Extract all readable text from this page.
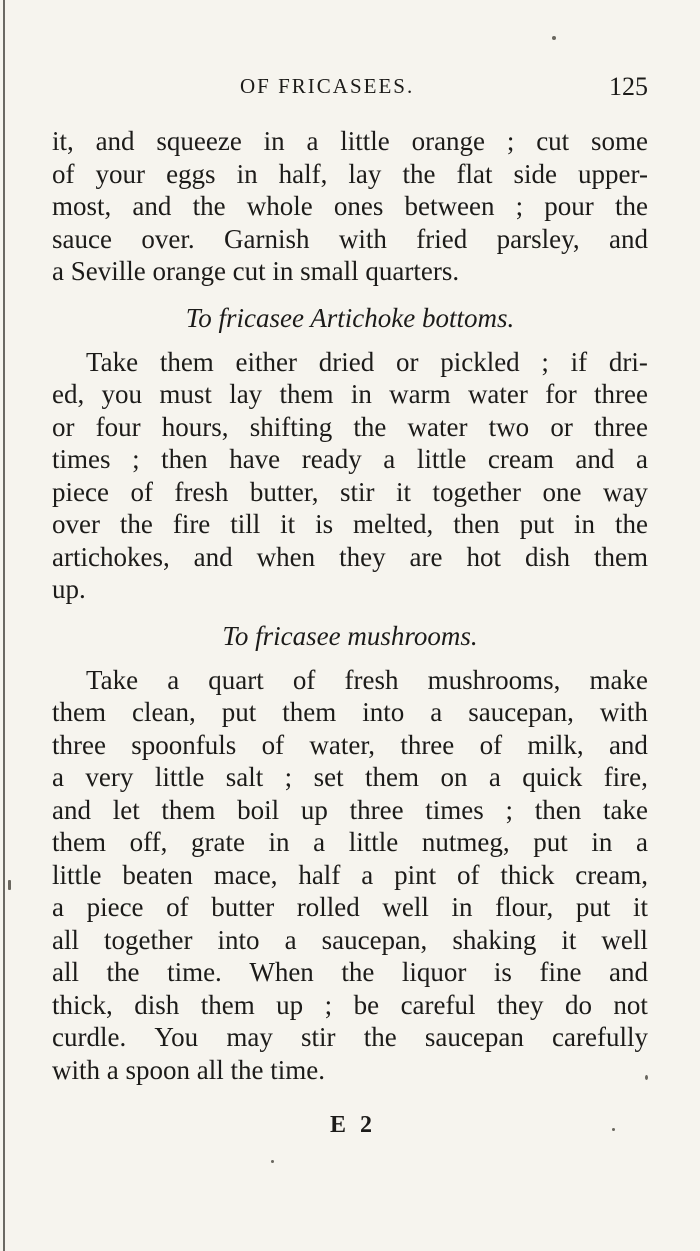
OF FRICASEES.	125
it, and squeeze in a little orange ; cut some
of your eggs in half, lay the flat side upper-
most, and the whole ones between ; pour the
sauce over. Garnish with fried parsley, and
a Seville orange cut in small quarters.
To fricasee Artichoke bottoms.
Take them either dried or pickled ; if dri-
ed, you must lay them in warm water for three
or four hours, shifting the water two or three
times ; then have ready a little cream and a
piece of fresh butter, stir it together one way
over the fire till it is melted, then put in the
artichokes, and when they are hot dish them
up.
To fricasee mushrooms.
Take a quart of fresh mushrooms, make
them clean, put them into a saucepan, with
three spoonfuls of water, three of milk, and
a very little salt ; set them on a quick fire,
and let them boil up three times ; then take
them off, grate in a little nutmeg, put in a
little beaten mace, half a pint of thick cream,
a piece of butter rolled well in flour, put it
all together into a saucepan, shaking it well
all the time. When the liquor is fine and
thick, dish them up ; be careful they do not
curdle. You may stir the saucepan carefully
with a spoon all the time.
E 2
